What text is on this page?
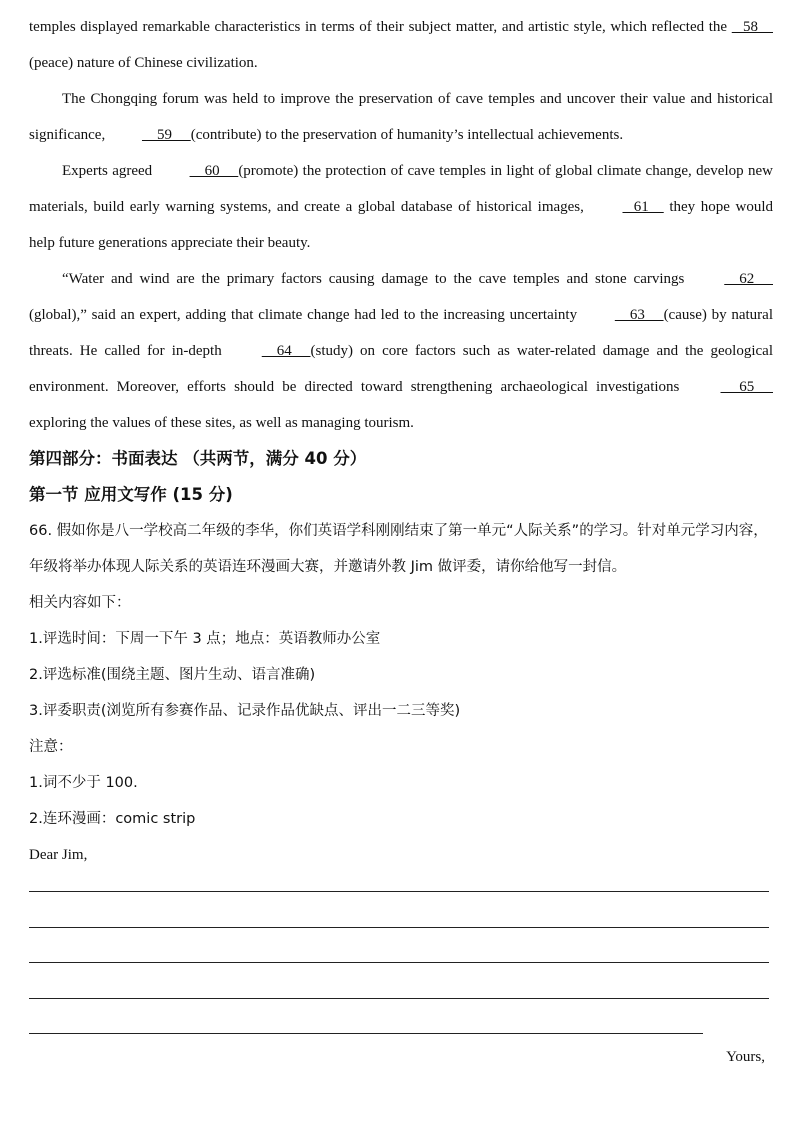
temples displayed remarkable characteristics in terms of their subject matter, and artistic style, which reflected the    58    (peace) nature of Chinese civilization.

The Chongqing forum was held to improve the preservation of cave temples and uncover their value and historical significance,     59     (contribute) to the preservation of humanity’s intellectual achievements.

Experts agreed     60     (promote) the protection of cave temples in light of global climate change, develop new materials, build early warning systems, and create a global database of historical images,    61     they hope would help future generations appreciate their beauty.

“Water and wind are the primary factors causing damage to the cave temples and stone carvings     62     (global),” said an expert, adding that climate change had led to the increasing uncertainty     63     (cause) by natural threats. He called for in-depth     64     (study) on core factors such as water-related damage and the geological environment. Moreover, efforts should be directed toward strengthening archaeological investigations      65      exploring the values of these sites, as well as managing tourism.

第四部分：书面表达 （共两节，满分 40 分）

第一节 应用文写作 (15 分)

66. 假如你是八一学校高二年级的李华，你们英语学科刚刚结束了第一单元“人际关系”的学习。针对单元学习内容，年级将举办体现人际关系的英语连环漫画大赛，并邀请外教 Jim 做评委，请你给他写一封信。

相关内容如下：

1.评选时间：下周一下午 3 点；地点：英语教师办公室

2.评选标准(围绕主题、图片生动、语言准确)

3.评委职责(浏览所有参赛作品、记录作品优缺点、评出一二三等奖)

注意：

1.词不少于 100.

2.连环漫画：comic strip

Dear Jim,

Yours,
